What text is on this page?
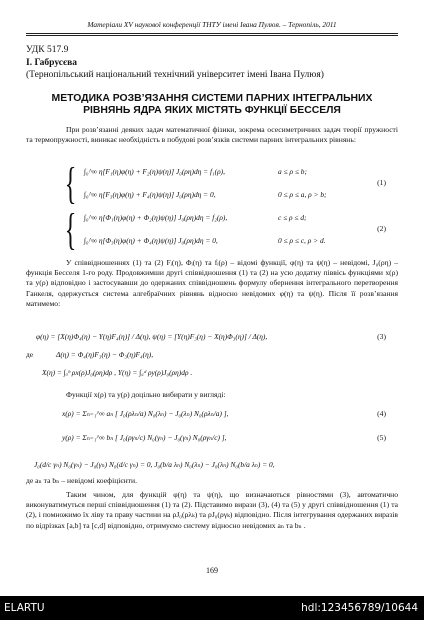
Матеріали XV наукової конференції ТНТУ імені Івана Пулюя. – Тернопіль, 2011
УДК 517.9
І. Габрусєва
(Тернопільський національний технічний університет імені Івана Пулюя)
МЕТОДИКА РОЗВ’ЯЗАННЯ СИСТЕМИ ПАРНИХ ІНТЕГРАЛЬНИХ
РІВНЯНЬ ЯДРА ЯКИХ МІСТЯТЬ ФУНКЦІЇ БЕССЕЛЯ

При розв’язанні деяких задач математичної фізики, зокрема осесиметричних задач теорії пружності та термопружності, виникає необхідність в побудові розв’язків системи парних інтегральних рівнянь:

{ ∫₀^∞ η[F₁(η)φ(η) + F₂(η)ψ(η)] J₀(ρη)dη = f₁(ρ),	a ≤ ρ ≤ b;
∫₀^∞ η[F₃(η)φ(η) + F₄(η)ψ(η)] J₀(ρη)dη = 0,	0 ≤ ρ ≤ a, ρ > b;
(1)
{ ∫₀^∞ η[Φ₁(η)φ(η) + Φ₂(η)ψ(η)] J₀(ρη)dη = f₂(ρ),	c ≤ ρ ≤ d;
∫₀^∞ η[Φ₃(η)φ(η) + Φ₄(η)ψ(η)] J₀(ρη)dη = 0,	0 ≤ ρ ≤ c, ρ > d.
(2)

У співвідношеннях (1) та (2) Fᵢ(η), Φᵢ(η) та fᵢ(ρ) – відомі функції, φ(η) та ψ(η) – невідомі, J₀(ρη) – функція Бесселя 1-го роду. Продовжимши другі співвідношення (1) та (2) на усю додатну піввісь функціями x(ρ) та y(ρ) відповідно і застосувавши до одержаних співвідношень формулу обернення інтегрального перетворення Ганкеля, одержується система алгебраїчних рівнянь відносно невідомих φ(η) та ψ(η). Після її розв’язання матимемо:

φ(η) = [X(η)Φ₄(η) − Y(η)F₄(η)] / Δ(η), ψ(η) = [Y(η)F₃(η) − X(η)Φ₃(η)] / Δ(η),	(3)
де	Δ(η) = Φ₄(η)F₃(η) − Φ₃(η)F₄(η),
X(η) = ∫ₐᵇ ρx(ρ)J₀(ρη)dρ , Y(η) = ∫꜀ᵈ ρy(ρ)J₀(ρη)dρ .

Функції x(ρ) та y(ρ) доцільно вибирати у вигляді:

x(ρ) = Σₙ₌₁^∞ aₙ [ J₀(ρλₙ/a) N₀(λₙ) − J₀(λₙ) N₀(ρλₙ/a) ],	(4)
y(ρ) = Σₙ₌₁^∞ bₙ [ J₀(ργₙ/c) N₀(γₙ) − J₀(γₙ) N₀(ργₙ/c) ],	(5)
J₀(d/c γₙ) N₀(γₙ) − J₀(γₙ) N₀(d/c γₙ) = 0, J₀(b/a λₙ) N₀(λₙ) − J₀(λₙ) N₀(b/a λₙ) = 0,
де aₙ та bₙ – невідомі коефіцієнти.

Таким чином, для функцій φ(η) та ψ(η), що визначаються рівностями (3), автоматично виконуватимуться перші співвідношення (1) та (2). Підставимо вирази (3), (4) та (5) у другі співвідношення (1) та (2), і помножимо їх ліву та праву частини на ρJ₀(ρλₖ) та ρJ₀(ργₖ) відповідно. Після інтегрування одержаних виразів по відрізках [a,b] та [c,d] відповідно, отримуємо систему відносно невідомих aₙ та bₙ .

169
ELARTU	hdl:123456789/10644
